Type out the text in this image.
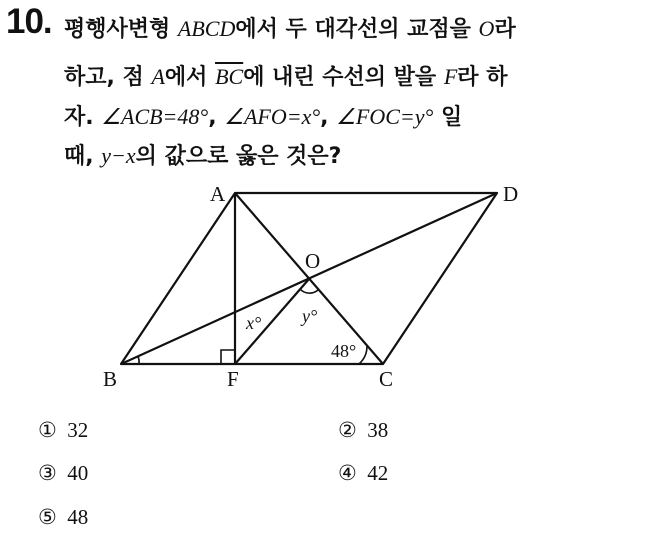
10. 평행사변형 ABCD에서 두 대각선의 교점을 O라
하고, 점 A에서 $\overline{BC}$에 내린 수선의 발을 F라 하
자. ∠ACB=48°, ∠AFO=x°, ∠FOC=y° 일
때, y−x의 값으로 옳은 것은?
A	D
O
B	F	C
x° y°
48°
① 32	② 38
③ 40	④ 42
⑤ 48
